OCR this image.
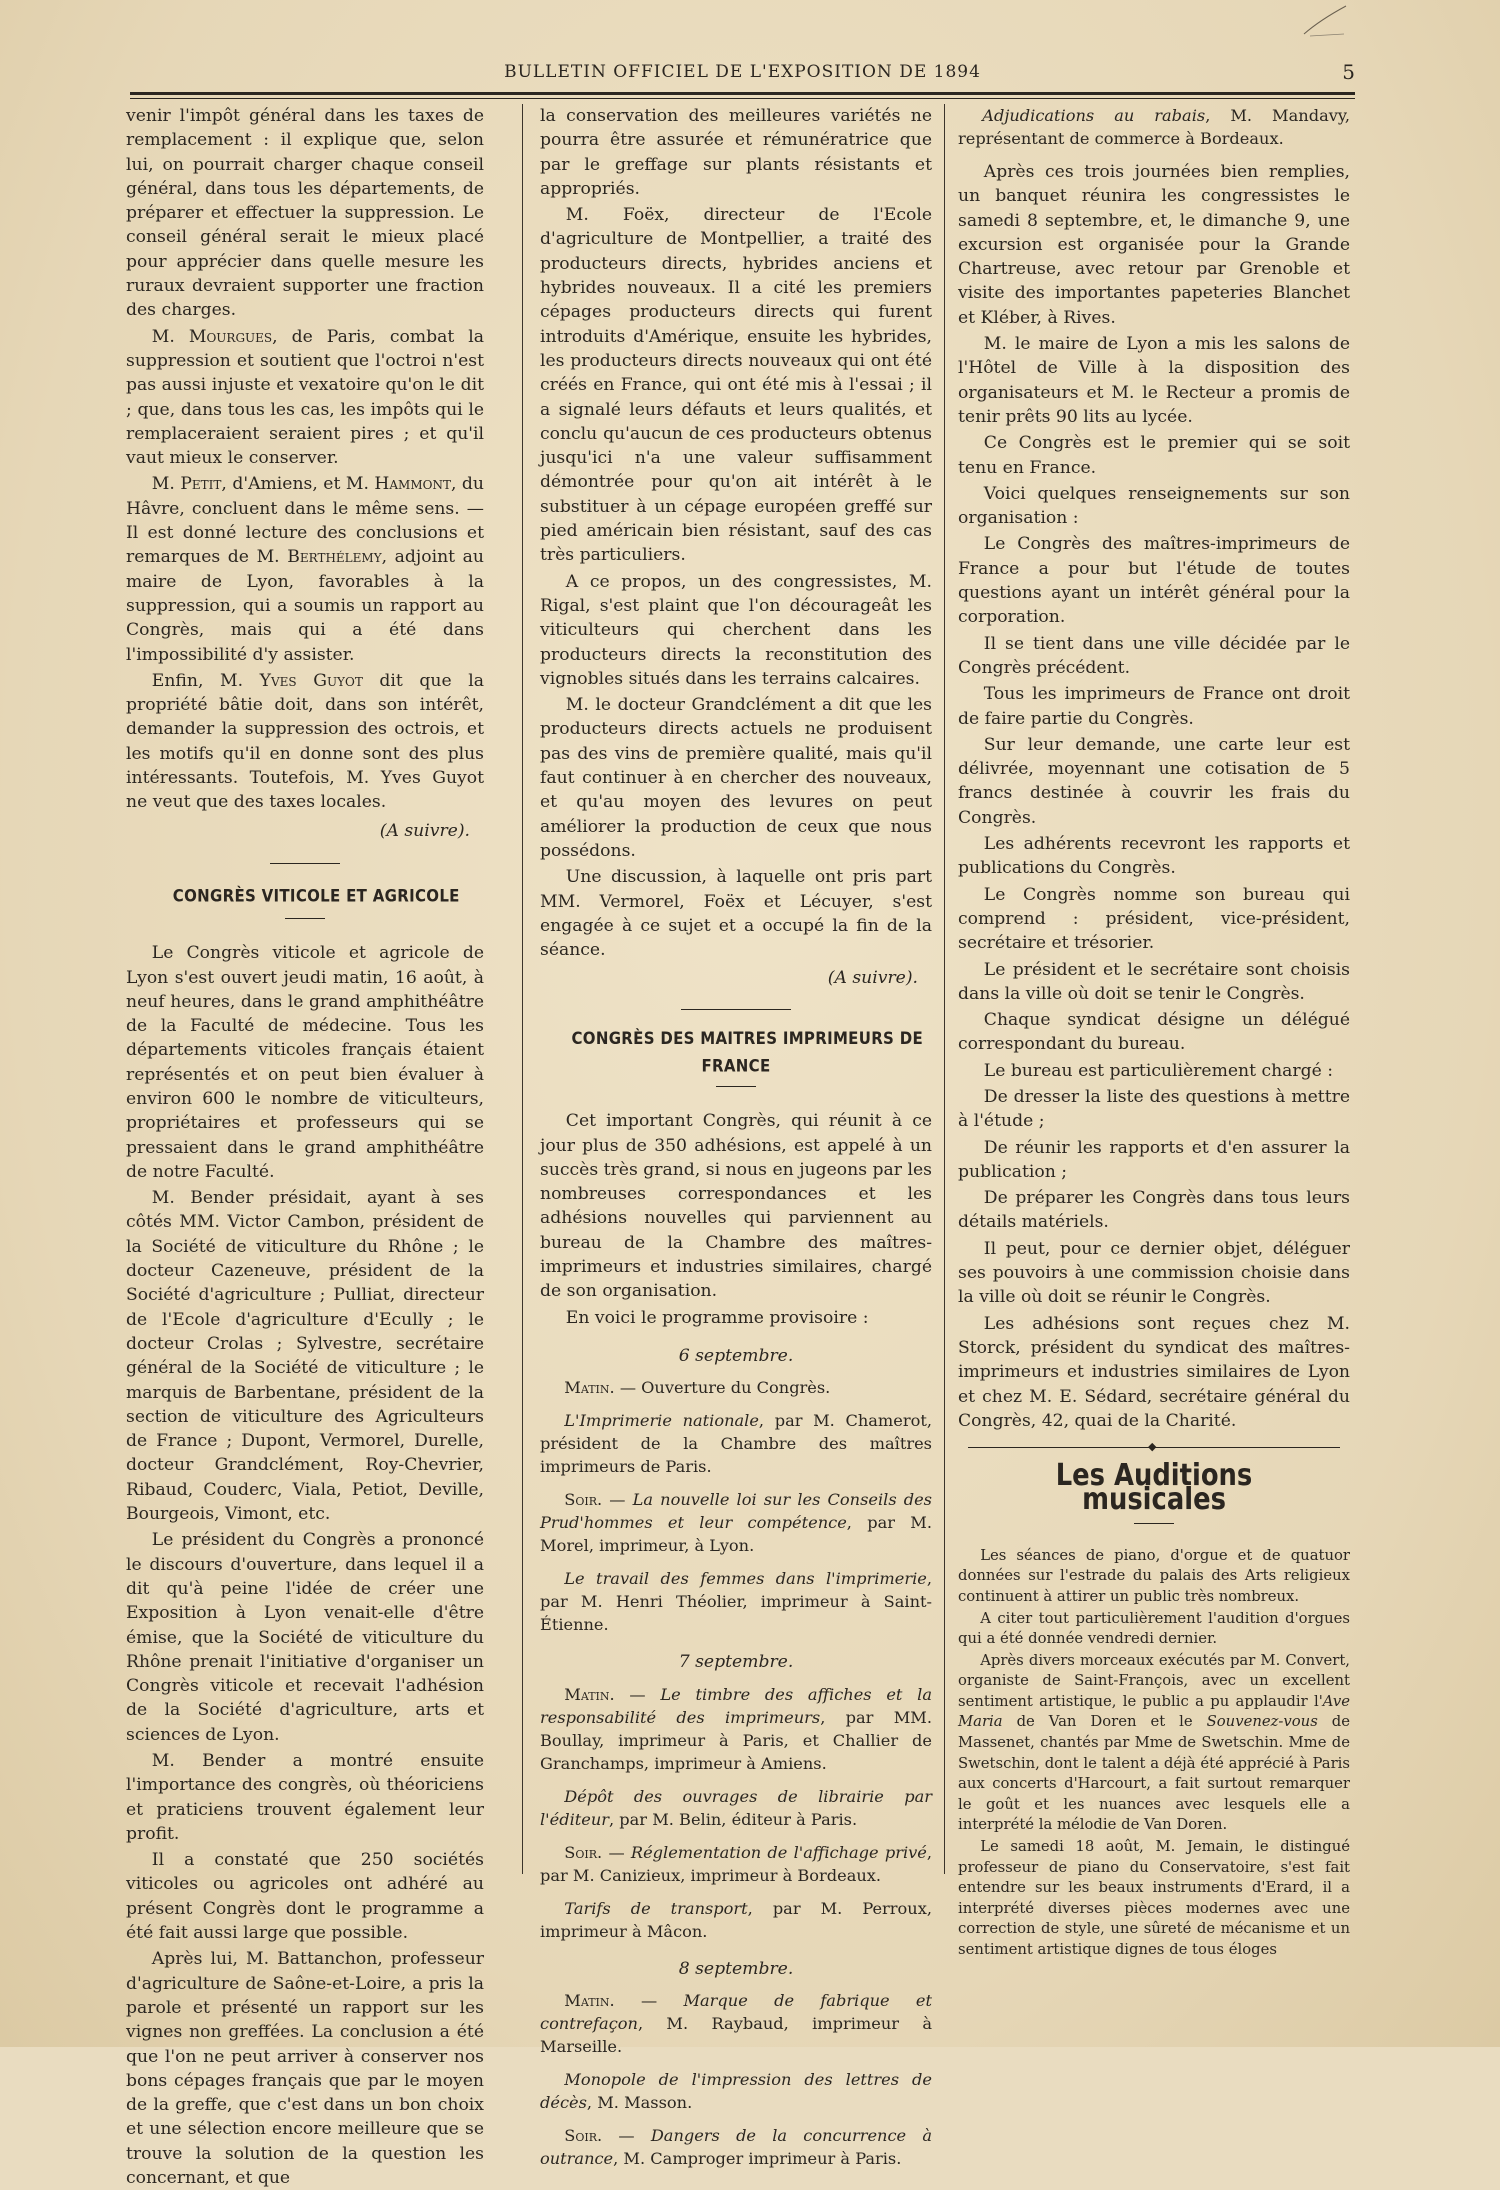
BULLETIN OFFICIEL DE L'EXPOSITION DE 1894	5

venir l'impôt général dans les taxes de remplacement : il explique que, selon lui, on pourrait charger chaque conseil général, dans tous les départements, de préparer et effectuer la suppression. Le conseil général serait le mieux placé pour apprécier dans quelle mesure les ruraux devraient supporter une fraction des charges.

M. Mourgues, de Paris, combat la suppression et soutient que l'octroi n'est pas aussi injuste et vexatoire qu'on le dit ; que, dans tous les cas, les impôts qui le remplaceraient seraient pires ; et qu'il vaut mieux le conserver.

M. Petit, d'Amiens, et M. Hammont, du Hâvre, concluent dans le même sens. — Il est donné lecture des conclusions et remarques de M. Berthélemy, adjoint au maire de Lyon, favorables à la suppression, qui a soumis un rapport au Congrès, mais qui a été dans l'impossibilité d'y assister.

Enfin, M. Yves Guyot dit que la propriété bâtie doit, dans son intérêt, demander la suppression des octrois, et les motifs qu'il en donne sont des plus intéressants. Toutefois, M. Yves Guyot ne veut que des taxes locales.

(A suivre).

CONGRÈS VITICOLE ET AGRICOLE

Le Congrès viticole et agricole de Lyon s'est ouvert jeudi matin, 16 août, à neuf heures, dans le grand amphithéâtre de la Faculté de médecine. Tous les départements viticoles français étaient représentés et on peut bien évaluer à environ 600 le nombre de viticulteurs, propriétaires et professeurs qui se pressaient dans le grand amphithéâtre de notre Faculté.

M. Bender présidait, ayant à ses côtés MM. Victor Cambon, président de la Société de viticulture du Rhône ; le docteur Cazeneuve, président de la Société d'agriculture ; Pulliat, directeur de l'Ecole d'agriculture d'Ecully ; le docteur Crolas ; Sylvestre, secrétaire général de la Société de viticulture ; le marquis de Barbentane, président de la section de viticulture des Agriculteurs de France ; Dupont, Vermorel, Durelle, docteur Grandclément, Roy-Chevrier, Ribaud, Couderc, Viala, Petiot, Deville, Bourgeois, Vimont, etc.

Le président du Congrès a prononcé le discours d'ouverture, dans lequel il a dit qu'à peine l'idée de créer une Exposition à Lyon venait-elle d'être émise, que la Société de viticulture du Rhône prenait l'initiative d'organiser un Congrès viticole et recevait l'adhésion de la Société d'agriculture, arts et sciences de Lyon.

M. Bender a montré ensuite l'importance des congrès, où théoriciens et praticiens trouvent également leur profit.

Il a constaté que 250 sociétés viticoles ou agricoles ont adhéré au présent Congrès dont le programme a été fait aussi large que possible.

Après lui, M. Battanchon, professeur d'agriculture de Saône-et-Loire, a pris la parole et présenté un rapport sur les vignes non greffées. La conclusion a été que l'on ne peut arriver à conserver nos bons cépages français que par le moyen de la greffe, que c'est dans un bon choix et une sélection encore meilleure que se trouve la solution de la question les concernant, et que

la conservation des meilleures variétés ne pourra être assurée et rémunératrice que par le greffage sur plants résistants et appropriés.

M. Foëx, directeur de l'Ecole d'agriculture de Montpellier, a traité des producteurs directs, hybrides anciens et hybrides nouveaux. Il a cité les premiers cépages producteurs directs qui furent introduits d'Amérique, ensuite les hybrides, les producteurs directs nouveaux qui ont été créés en France, qui ont été mis à l'essai ; il a signalé leurs défauts et leurs qualités, et conclu qu'aucun de ces producteurs obtenus jusqu'ici n'a une valeur suffisamment démontrée pour qu'on ait intérêt à le substituer à un cépage européen greffé sur pied américain bien résistant, sauf des cas très particuliers.

A ce propos, un des congressistes, M. Rigal, s'est plaint que l'on décourageât les viticulteurs qui cherchent dans les producteurs directs la reconstitution des vignobles situés dans les terrains calcaires.

M. le docteur Grandclément a dit que les producteurs directs actuels ne produisent pas des vins de première qualité, mais qu'il faut continuer à en chercher des nouveaux, et qu'au moyen des levures on peut améliorer la production de ceux que nous possédons.

Une discussion, à laquelle ont pris part MM. Vermorel, Foëx et Lécuyer, s'est engagée à ce sujet et a occupé la fin de la séance.

(A suivre).

CONGRÈS DES MAITRES IMPRIMEURS DE FRANCE

Cet important Congrès, qui réunit à ce jour plus de 350 adhésions, est appelé à un succès très grand, si nous en jugeons par les nombreuses correspondances et les adhésions nouvelles qui parviennent au bureau de la Chambre des maîtres-imprimeurs et industries similaires, chargé de son organisation.

En voici le programme provisoire :

6 septembre.

Matin. — Ouverture du Congrès.

L'Imprimerie nationale, par M. Chamerot, président de la Chambre des maîtres imprimeurs de Paris.

Soir. — La nouvelle loi sur les Conseils des Prud'hommes et leur compétence, par M. Morel, imprimeur, à Lyon.

Le travail des femmes dans l'imprimerie, par M. Henri Théolier, imprimeur à Saint-Étienne.

7 septembre.

Matin. — Le timbre des affiches et la responsabilité des imprimeurs, par MM. Boullay, imprimeur à Paris, et Challier de Granchamps, imprimeur à Amiens.

Dépôt des ouvrages de librairie par l'éditeur, par M. Belin, éditeur à Paris.

Soir. — Réglementation de l'affichage privé, par M. Canizieux, imprimeur à Bordeaux.

Tarifs de transport, par M. Perroux, imprimeur à Mâcon.

8 septembre.

Matin. — Marque de fabrique et contrefaçon, M. Raybaud, imprimeur à Marseille.

Monopole de l'impression des lettres de décès, M. Masson.

Soir. — Dangers de la concurrence à outrance, M. Camproger imprimeur à Paris.

Adjudications au rabais, M. Mandavy, représentant de commerce à Bordeaux.

Après ces trois journées bien remplies, un banquet réunira les congressistes le samedi 8 septembre, et, le dimanche 9, une excursion est organisée pour la Grande Chartreuse, avec retour par Grenoble et visite des importantes papeteries Blanchet et Kléber, à Rives.

M. le maire de Lyon a mis les salons de l'Hôtel de Ville à la disposition des organisateurs et M. le Recteur a promis de tenir prêts 90 lits au lycée.

Ce Congrès est le premier qui se soit tenu en France.

Voici quelques renseignements sur son organisation :

Le Congrès des maîtres-imprimeurs de France a pour but l'étude de toutes questions ayant un intérêt général pour la corporation.

Il se tient dans une ville décidée par le Congrès précédent.

Tous les imprimeurs de France ont droit de faire partie du Congrès.

Sur leur demande, une carte leur est délivrée, moyennant une cotisation de 5 francs destinée à couvrir les frais du Congrès.

Les adhérents recevront les rapports et publications du Congrès.

Le Congrès nomme son bureau qui comprend : président, vice-président, secrétaire et trésorier.

Le président et le secrétaire sont choisis dans la ville où doit se tenir le Congrès.

Chaque syndicat désigne un délégué correspondant du bureau.

Le bureau est particulièrement chargé :

De dresser la liste des questions à mettre à l'étude ;

De réunir les rapports et d'en assurer la publication ;

De préparer les Congrès dans tous leurs détails matériels.

Il peut, pour ce dernier objet, déléguer ses pouvoirs à une commission choisie dans la ville où doit se réunir le Congrès.

Les adhésions sont reçues chez M. Storck, président du syndicat des maîtres-imprimeurs et industries similaires de Lyon et chez M. E. Sédard, secrétaire général du Congrès, 42, quai de la Charité.

◆

Les Auditions musicales

Les séances de piano, d'orgue et de quatuor données sur l'estrade du palais des Arts religieux continuent à attirer un public très nombreux.

A citer tout particulièrement l'audition d'orgues qui a été donnée vendredi dernier.

Après divers morceaux exécutés par M. Convert, organiste de Saint-François, avec un excellent sentiment artistique, le public a pu applaudir l'Ave Maria de Van Doren et le Souvenez-vous de Massenet, chantés par Mme de Swetschin. Mme de Swetschin, dont le talent a déjà été apprécié à Paris aux concerts d'Harcourt, a fait surtout remarquer le goût et les nuances avec lesquels elle a interprété la mélodie de Van Doren.

Le samedi 18 août, M. Jemain, le distingué professeur de piano du Conservatoire, s'est fait entendre sur les beaux instruments d'Erard, il a interprété diverses pièces modernes avec une correction de style, une sûreté de mécanisme et un sentiment artistique dignes de tous éloges
